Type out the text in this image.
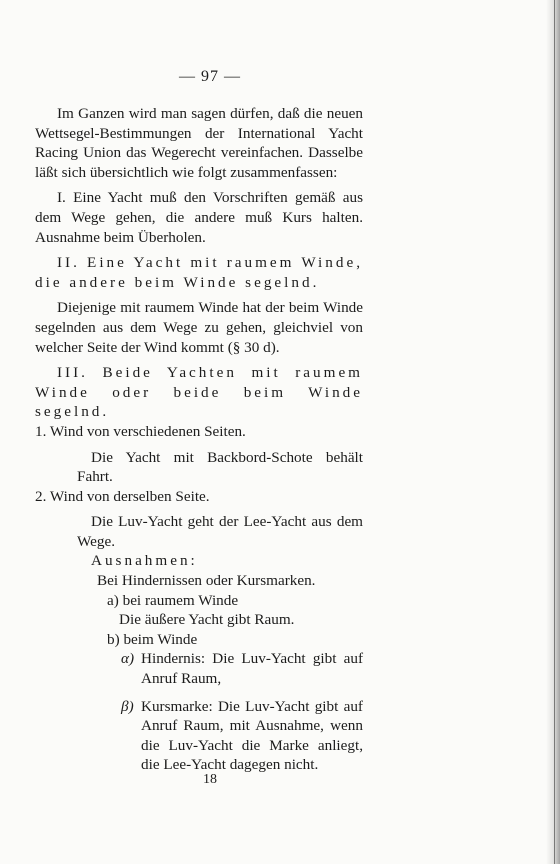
— 97 —

Im Ganzen wird man sagen dürfen, daß die neuen Wettsegel-Bestimmungen der International Yacht Racing Union das Wegerecht vereinfachen. Dasselbe läßt sich übersichtlich wie folgt zusammenfassen:

I. Eine Yacht muß den Vorschriften gemäß aus dem Wege gehen, die andere muß Kurs halten. Ausnahme beim Überholen.

II. Eine Yacht mit raumem Winde, die andere beim Winde segelnd.

Diejenige mit raumem Winde hat der beim Winde segelnden aus dem Wege zu gehen, gleichviel von welcher Seite der Wind kommt (§ 30 d).

III. Beide Yachten mit raumem Winde oder beide beim Winde segelnd.

1. Wind von verschiedenen Seiten.

Die Yacht mit Backbord-Schote behält Fahrt.

2. Wind von derselben Seite.

Die Luv-Yacht geht der Lee-Yacht aus dem Wege.

Ausnahmen:

Bei Hindernissen oder Kursmarken.

a) bei raumem Winde

Die äußere Yacht gibt Raum.

b) beim Winde

α) Hindernis: Die Luv-Yacht gibt auf Anruf Raum,
β) Kursmarke: Die Luv-Yacht gibt auf Anruf Raum, mit Ausnahme, wenn die Luv-Yacht die Marke anliegt, die Lee-Yacht dagegen nicht.
18
